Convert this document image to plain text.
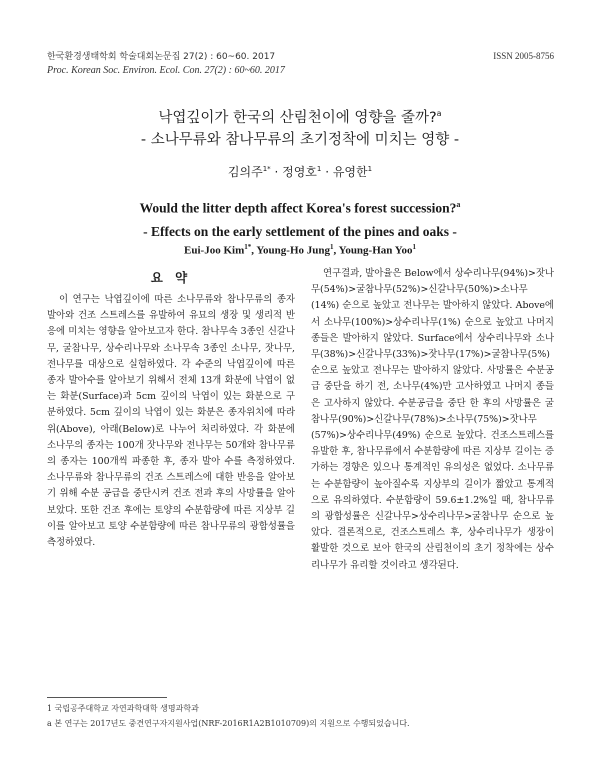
한국환경생태학회 학술대회논문집 27(2) : 60~60. 2017
Proc. Korean Soc. Environ. Ecol. Con. 27(2) : 60~60. 2017
ISSN 2005-8756
낙엽깊이가 한국의 산림천이에 영향을 줄까?$^a$
- 소나무류와 참나무류의 초기정착에 미치는 영향 -
김의주$^{1*}$ · 정영호$^1$ · 유영한$^1$
Would the litter depth affect Korea's forest succession?$^a$
- Effects on the early settlement of the pines and oaks -
Eui-Joo Kim$^{1*}$, Young-Ho Jung$^1$, Young-Han Yoo$^1$
요 약

이 연구는 낙엽깊이에 따른 소나무류와 참나무류의 종자 발아와 건조 스트레스를 유발하여 유묘의 생장 및 생리적 반응에 미치는 영향을 알아보고자 한다. 참나무속 3종인 신갈나무, 굴참나무, 상수리나무와 소나무속 3종인 소나무, 잣나무, 전나무를 대상으로 실험하였다. 각 수준의 낙엽깊이에 따른 종자 발아수를 알아보기 위해서 전체 13개 화분에 낙엽이 없는 화분(Surface)과 5cm 깊이의 낙엽이 있는 화분으로 구분하였다. 5cm 깊이의 낙엽이 있는 화분은 종자위치에 따라 위(Above), 아래(Below)로 나누어 처리하였다. 각 화분에 소나무의 종자는 100개 잣나무와 전나무는 50개와 참나무류의 종자는 100개씩 파종한 후, 종자 발아 수를 측정하였다. 소나무류와 참나무류의 건조 스트레스에 대한 반응을 알아보기 위해 수분 공급을 중단시켜 건조 전과 후의 사망률을 알아보았다. 또한 건조 후에는 토양의 수분함량에 따른 지상부 길이를 알아보고 토양 수분함량에 따른 참나무류의 광합성률을 측정하였다.

연구결과, 발아율은 Below에서 상수리나무(94%)>잣나무(54%)>굴참나무(52%)>신갈나무(50%)>소나무(14%) 순으로 높았고 전나무는 발아하지 않았다. Above에서 소나무(100%)>상수리나무(1%) 순으로 높았고 나머지 종들은 발아하지 않았다. Surface에서 상수리나무와 소나무(38%)>신갈나무(33%)>잣나무(17%)>굴참나무(5%) 순으로 높았고 전나무는 발아하지 않았다. 사망률은 수분공급 중단을 하기 전, 소나무(4%)만 고사하였고 나머지 종들은 고사하지 않았다. 수분공급을 중단 한 후의 사망률은 굴참나무(90%)>신갈나무(78%)>소나무(75%)>잣나무(57%)>상수리나무(49%) 순으로 높았다. 건조스트레스를 유발한 후, 참나무류에서 수분함량에 따른 지상부 길이는 증가하는 경향은 있으나 통계적인 유의성은 없었다. 소나무류는 수분함량이 높아질수록 지상부의 길이가 짧았고 통계적으로 유의하였다. 수분함량이 59.6±1.2%일 때, 참나무류의 광합성률은 신갈나무>상수리나무>굴참나무 순으로 높았다. 결론적으로, 건조스트레스 후, 상수리나무가 생장이 활발한 것으로 보아 한국의 산림천이의 초기 정착에는 상수리나무가 유리할 것이라고 생각된다.

1 국립공주대학교 자연과학대학 생명과학과
a 본 연구는 2017년도 중견연구자지원사업(NRF-2016R1A2B1010709)의 지원으로 수행되었습니다.
